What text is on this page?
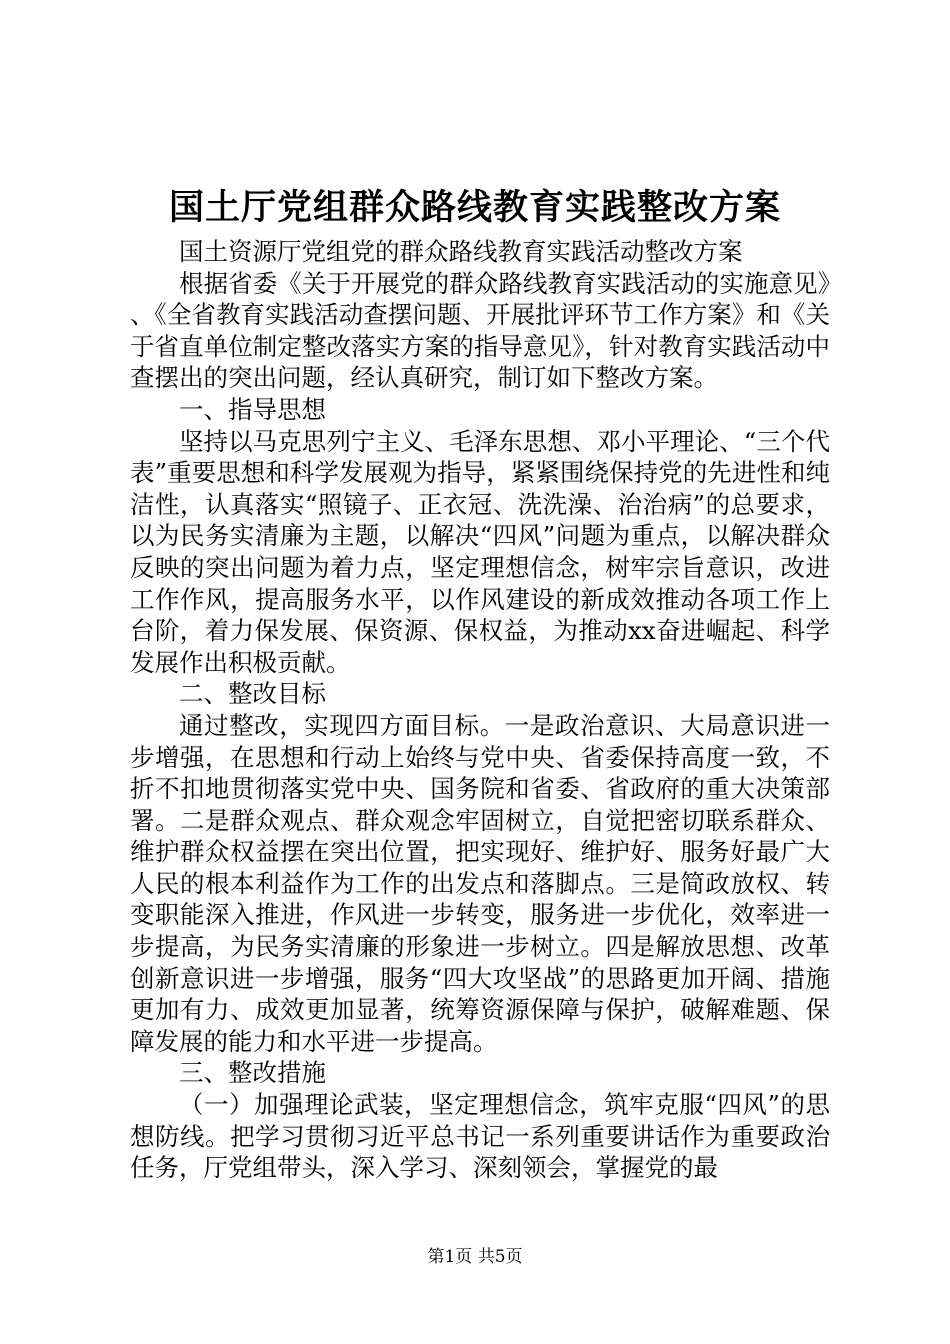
国土厅党组群众路线教育实践整改方案

国土资源厅党组党的群众路线教育实践活动整改方案

根据省委《关于开展党的群众路线教育实践活动的实施意见》、《全省教育实践活动查摆问题、开展批评环节工作方案》和《关于省直单位制定整改落实方案的指导意见》，针对教育实践活动中查摆出的突出问题，经认真研究，制订如下整改方案。

一、指导思想

坚持以马克思列宁主义、毛泽东思想、邓小平理论、“三个代表”重要思想和科学发展观为指导，紧紧围绕保持党的先进性和纯洁性，认真落实“照镜子、正衣冠、洗洗澡、治治病”的总要求，以为民务实清廉为主题，以解决“四风”问题为重点，以解决群众反映的突出问题为着力点，坚定理想信念，树牢宗旨意识，改进工作作风，提高服务水平，以作风建设的新成效推动各项工作上台阶，着力保发展、保资源、保权益，为推动xx奋进崛起、科学发展作出积极贡献。

二、整改目标

通过整改，实现四方面目标。一是政治意识、大局意识进一步增强，在思想和行动上始终与党中央、省委保持高度一致，不折不扣地贯彻落实党中央、国务院和省委、省政府的重大决策部署。二是群众观点、群众观念牢固树立，自觉把密切联系群众、维护群众权益摆在突出位置，把实现好、维护好、服务好最广大人民的根本利益作为工作的出发点和落脚点。三是简政放权、转变职能深入推进，作风进一步转变，服务进一步优化，效率进一步提高，为民务实清廉的形象进一步树立。四是解放思想、改革创新意识进一步增强，服务“四大攻坚战”的思路更加开阔、措施更加有力、成效更加显著，统筹资源保障与保护，破解难题、保障发展的能力和水平进一步提高。

三、整改措施

（一）加强理论武装，坚定理想信念，筑牢克服“四风”的思想防线。把学习贯彻习近平总书记一系列重要讲话作为重要政治任务，厅党组带头，深入学习、深刻领会，掌握党的最

第1页 共5页
